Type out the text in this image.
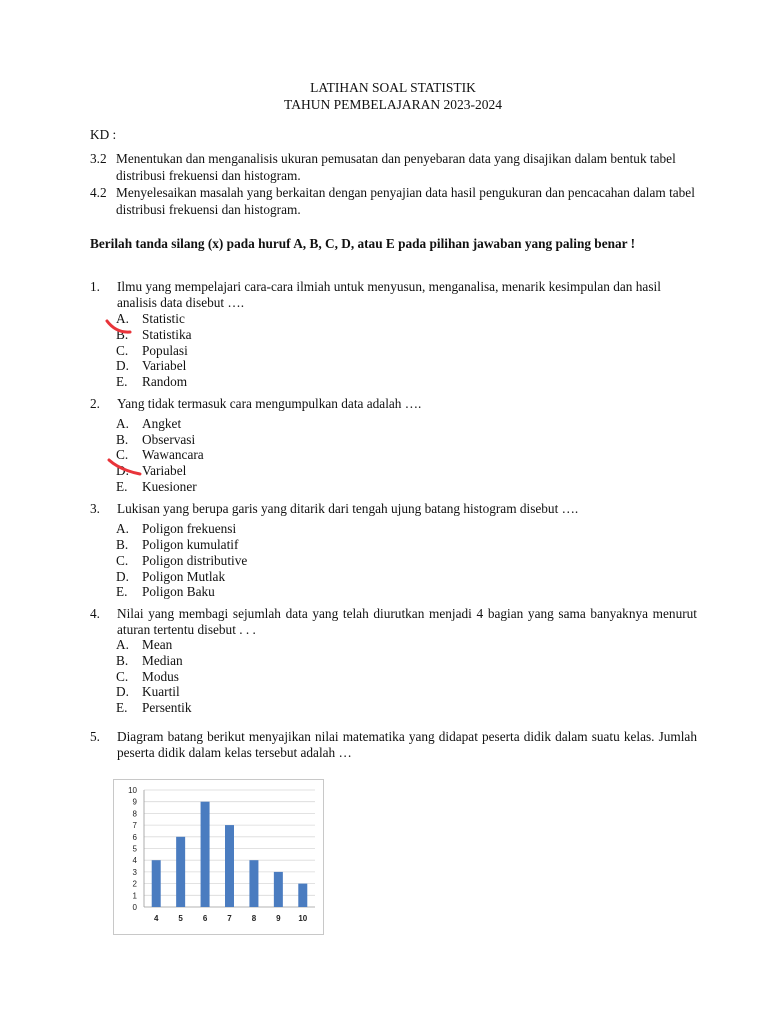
LATIHAN SOAL STATISTIK
TAHUN PEMBELAJARAN 2023-2024
KD :
3.2 Menentukan dan menganalisis ukuran pemusatan dan penyebaran data yang disajikan dalam bentuk tabel distribusi frekuensi dan histogram.
4.2 Menyelesaikan masalah yang berkaitan dengan penyajian data hasil pengukuran dan pencacahan dalam tabel distribusi frekuensi dan histogram.
Berilah tanda silang (x) pada huruf A, B, C, D, atau E pada pilihan jawaban yang paling benar !
1. Ilmu yang mempelajari cara-cara ilmiah untuk menyusun, menganalisa, menarik kesimpulan dan hasil analisis data disebut ….
A. Statistic
B. Statistika
C. Populasi
D. Variabel
E. Random
2. Yang tidak termasuk cara mengumpulkan data adalah ….
A. Angket
B. Observasi
C. Wawancara
D. Variabel
E. Kuesioner
3. Lukisan yang berupa garis yang ditarik dari tengah ujung batang histogram disebut ….
A. Poligon frekuensi
B. Poligon kumulatif
C. Poligon distributive
D. Poligon Mutlak
E. Poligon Baku
4. Nilai yang membagi sejumlah data yang telah diurutkan menjadi 4 bagian yang sama banyaknya menurut aturan tertentu disebut . . .
A. Mean
B. Median
C. Modus
D. Kuartil
E. Persentik
5. Diagram batang berikut menyajikan nilai matematika yang didapat peserta didik dalam suatu kelas. Jumlah peserta didik dalam kelas tersebut adalah …
0
1
2
3
4
5
6
7
8
9
10
4 5 6 7 8 9 10
